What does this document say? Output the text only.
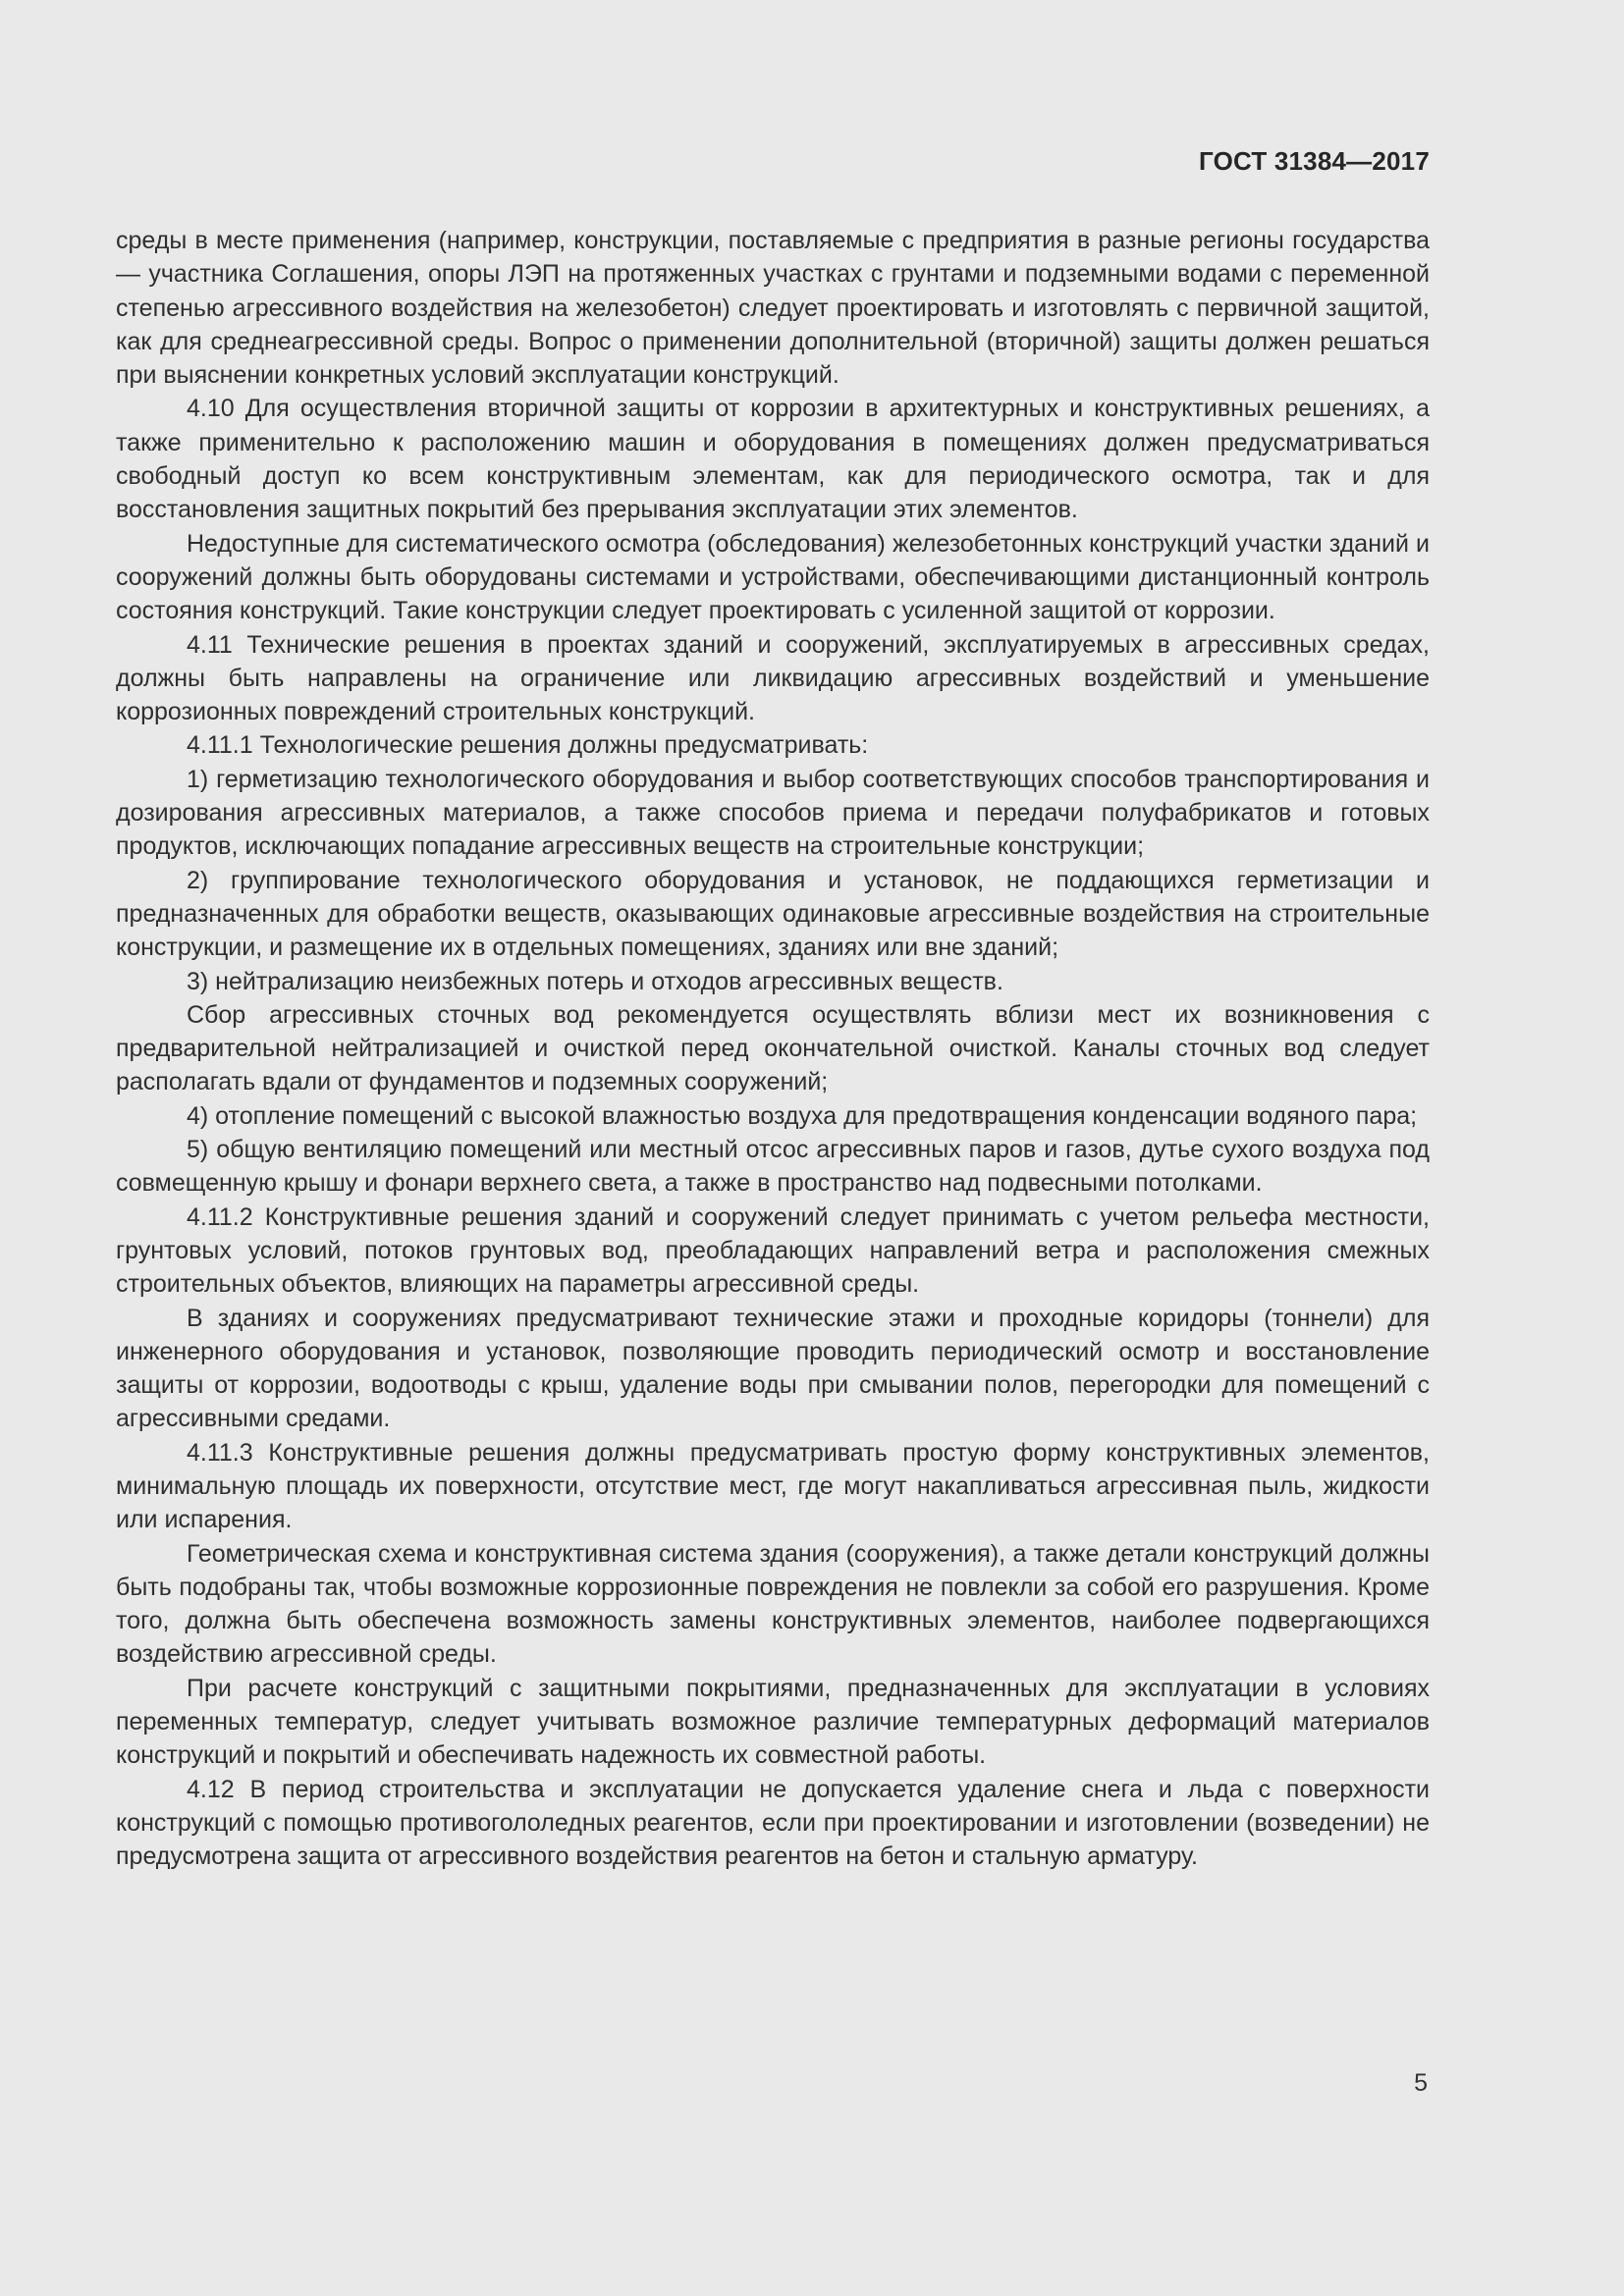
ГОСТ 31384—2017

среды в месте применения (например, конструкции, поставляемые с предприятия в разные регионы государства — участника Соглашения, опоры ЛЭП на протяженных участках с грунтами и подземными водами с переменной степенью агрессивного воздействия на железобетон) следует проектировать и изготовлять с первичной защитой, как для среднеагрессивной среды. Вопрос о применении дополнительной (вторичной) защиты должен решаться при выяснении конкретных условий эксплуатации конструкций.

4.10 Для осуществления вторичной защиты от коррозии в архитектурных и конструктивных решениях, а также применительно к расположению машин и оборудования в помещениях должен предусматриваться свободный доступ ко всем конструктивным элементам, как для периодического осмотра, так и для восстановления защитных покрытий без прерывания эксплуатации этих элементов.

Недоступные для систематического осмотра (обследования) железобетонных конструкций участки зданий и сооружений должны быть оборудованы системами и устройствами, обеспечивающими дистанционный контроль состояния конструкций. Такие конструкции следует проектировать с усиленной защитой от коррозии.

4.11 Технические решения в проектах зданий и сооружений, эксплуатируемых в агрессивных средах, должны быть направлены на ограничение или ликвидацию агрессивных воздействий и уменьшение коррозионных повреждений строительных конструкций.

4.11.1 Технологические решения должны предусматривать:

1) герметизацию технологического оборудования и выбор соответствующих способов транспортирования и дозирования агрессивных материалов, а также способов приема и передачи полуфабрикатов и готовых продуктов, исключающих попадание агрессивных веществ на строительные конструкции;

2) группирование технологического оборудования и установок, не поддающихся герметизации и предназначенных для обработки веществ, оказывающих одинаковые агрессивные воздействия на строительные конструкции, и размещение их в отдельных помещениях, зданиях или вне зданий;

3) нейтрализацию неизбежных потерь и отходов агрессивных веществ.

Сбор агрессивных сточных вод рекомендуется осуществлять вблизи мест их возникновения с предварительной нейтрализацией и очисткой перед окончательной очисткой. Каналы сточных вод следует располагать вдали от фундаментов и подземных сооружений;

4) отопление помещений с высокой влажностью воздуха для предотвращения конденсации водяного пара;

5) общую вентиляцию помещений или местный отсос агрессивных паров и газов, дутье сухого воздуха под совмещенную крышу и фонари верхнего света, а также в пространство над подвесными потолками.

4.11.2 Конструктивные решения зданий и сооружений следует принимать с учетом рельефа местности, грунтовых условий, потоков грунтовых вод, преобладающих направлений ветра и расположения смежных строительных объектов, влияющих на параметры агрессивной среды.

В зданиях и сооружениях предусматривают технические этажи и проходные коридоры (тоннели) для инженерного оборудования и установок, позволяющие проводить периодический осмотр и восстановление защиты от коррозии, водоотводы с крыш, удаление воды при смывании полов, перегородки для помещений с агрессивными средами.

4.11.3 Конструктивные решения должны предусматривать простую форму конструктивных элементов, минимальную площадь их поверхности, отсутствие мест, где могут накапливаться агрессивная пыль, жидкости или испарения.

Геометрическая схема и конструктивная система здания (сооружения), а также детали конструкций должны быть подобраны так, чтобы возможные коррозионные повреждения не повлекли за собой его разрушения. Кроме того, должна быть обеспечена возможность замены конструктивных элементов, наиболее подвергающихся воздействию агрессивной среды.

При расчете конструкций с защитными покрытиями, предназначенных для эксплуатации в условиях переменных температур, следует учитывать возможное различие температурных деформаций материалов конструкций и покрытий и обеспечивать надежность их совместной работы.

4.12 В период строительства и эксплуатации не допускается удаление снега и льда с поверхности конструкций с помощью противогололедных реагентов, если при проектировании и изготовлении (возведении) не предусмотрена защита от агрессивного воздействия реагентов на бетон и стальную арматуру.

5
